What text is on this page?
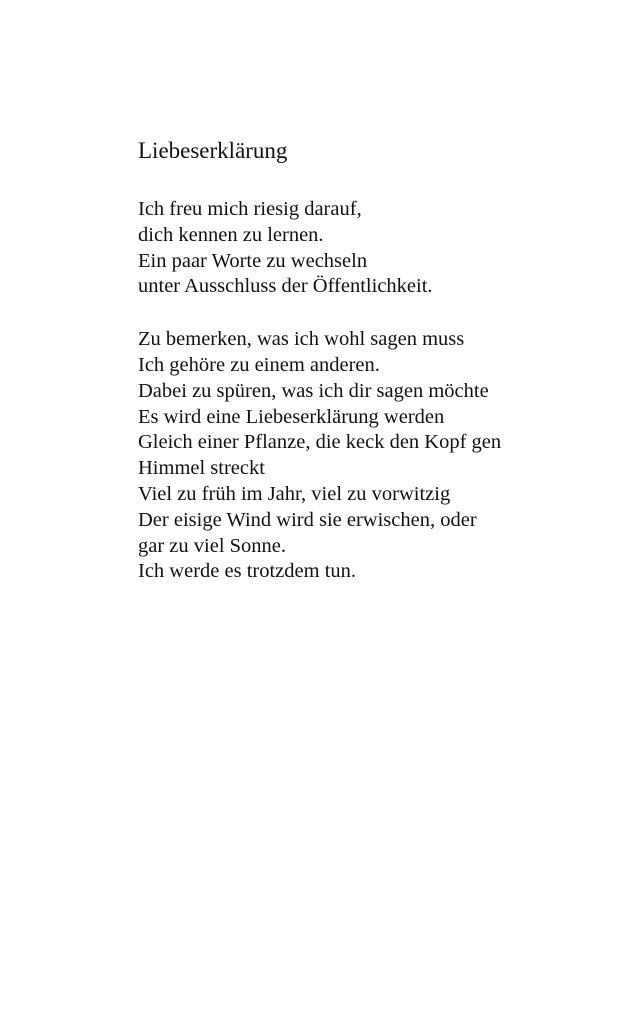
Liebeserklärung
Ich freu mich riesig darauf,
dich kennen zu lernen.
Ein paar Worte zu wechseln
unter Ausschluss der Öffentlichkeit.
Zu bemerken, was ich wohl sagen muss
Ich gehöre zu einem anderen.
Dabei zu spüren, was ich dir sagen möchte
Es wird eine Liebeserklärung werden
Gleich einer Pflanze, die keck den Kopf gen
Himmel streckt
Viel zu früh im Jahr, viel zu vorwitzig
Der eisige Wind wird sie erwischen, oder
gar zu viel Sonne.
Ich werde es trotzdem tun.
